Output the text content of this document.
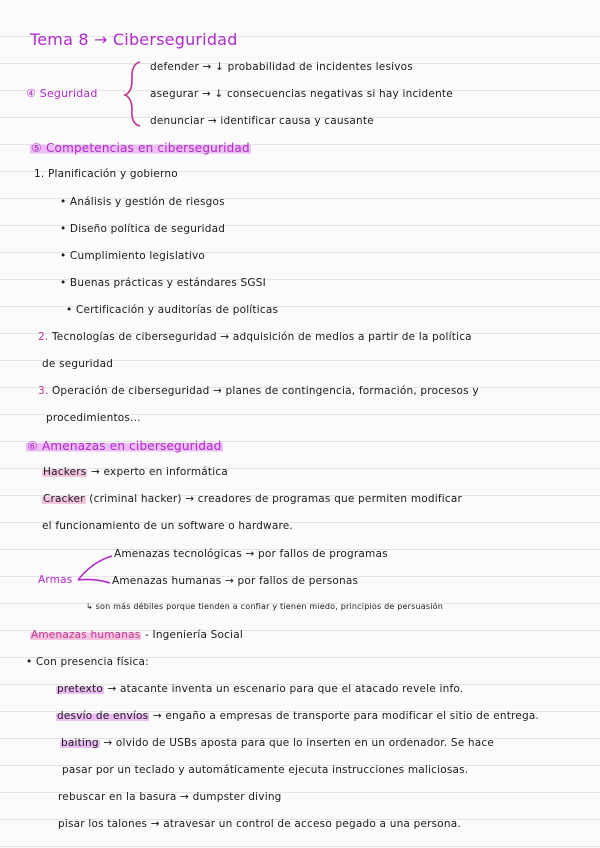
Tema 8 → Ciberseguridad
④ Seguridad
defender → ↓ probabilidad de incidentes lesivos
asegurar → ↓ consecuencias negativas si hay incidente
denunciar → identificar causa y causante
⑤ Competencias en ciberseguridad
1. Planificación y gobierno
• Análisis y gestión de riesgos
• Diseño política de seguridad
• Cumplimiento legislativo
• Buenas prácticas y estándares SGSI
• Certificación y auditorías de políticas
2. Tecnologías de ciberseguridad → adquisición de medios a partir de la política
de seguridad
3. Operación de ciberseguridad → planes de contingencia, formación, procesos y
procedimientos...
⑥ Amenazas en ciberseguridad
Hackers → experto en informática
Cracker (criminal hacker) → creadores de programas que permiten modificar
el funcionamiento de un software o hardware.
Armas
Amenazas tecnológicas → por fallos de programas
Amenazas humanas → por fallos de personas
↳ son más débiles porque tienden a confiar y tienen miedo, principios de persuasión
Amenazas humanas - Ingeniería Social
• Con presencia física:
pretexto → atacante inventa un escenario para que el atacado revele info.
desvío de envíos → engaño a empresas de transporte para modificar el sitio de entrega.
baiting → olvido de USBs aposta para que lo inserten en un ordenador. Se hace
pasar por un teclado y automáticamente ejecuta instrucciones maliciosas.
rebuscar en la basura → dumpster diving
pisar los talones → atravesar un control de acceso pegado a una persona.
